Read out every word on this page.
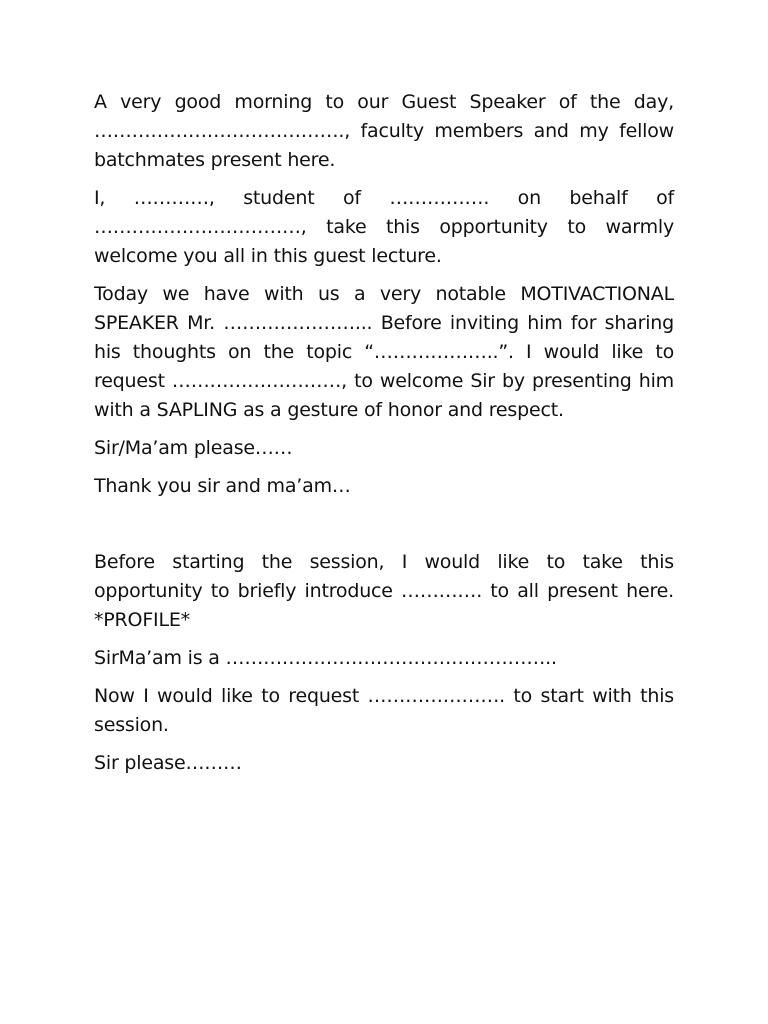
A very good morning to our Guest Speaker of the day, …………………………………., faculty members and my fellow batchmates present here.

I, …………, student of ……………. on behalf of ……………………………, take this opportunity to warmly welcome you all in this guest lecture.

Today we have with us a very notable MOTIVACTIONAL SPEAKER Mr. …………………... Before inviting him for sharing his thoughts on the topic “………………..”. I would like to request ………………………, to welcome Sir by presenting him with a SAPLING as a gesture of honor and respect.

Sir/Ma’am please……

Thank you sir and ma’am…

Before starting the session, I would like to take this opportunity to briefly introduce …………. to all present here. *PROFILE*

SirMa’am is a ……………………………………………..

Now I would like to request …………………. to start with this session.

Sir please………
